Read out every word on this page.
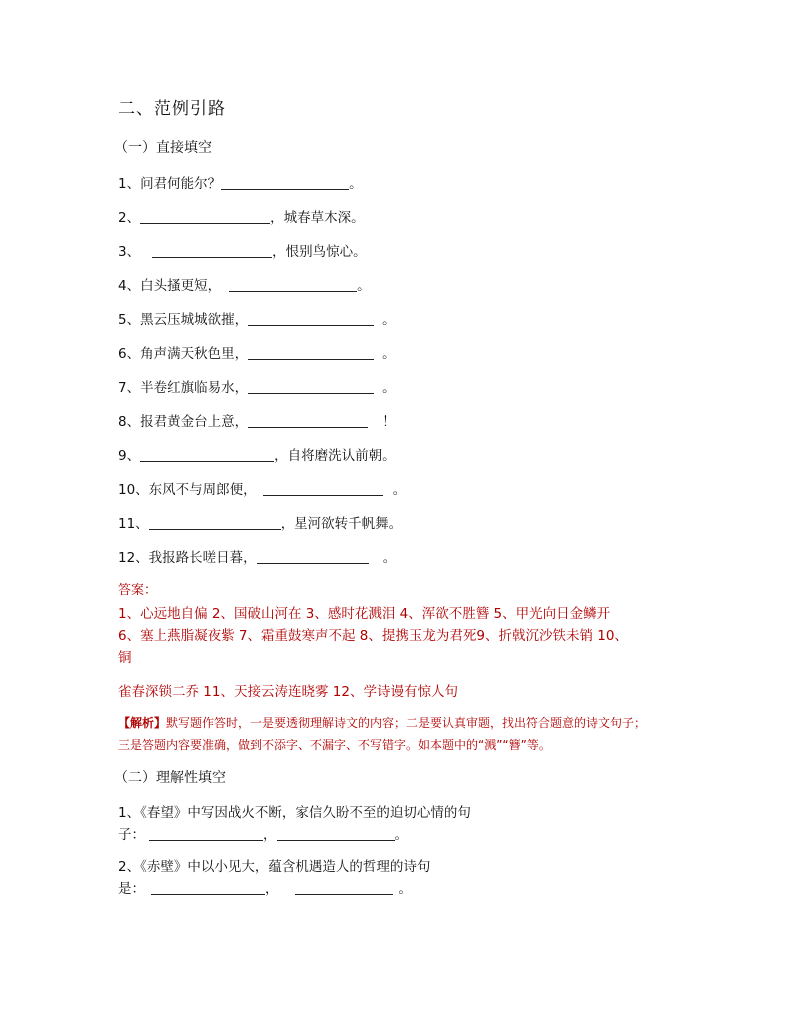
二、范例引路
（一）直接填空
1、问君何能尔？	。
2、	，城春草木深。
3、	，恨别鸟惊心。
4、白头搔更短，	。
5、黑云压城城欲摧，	。
6、角声满天秋色里，	。
7、半卷红旗临易水，	。
8、报君黄金台上意，	！
9、	，自将磨洗认前朝。
10、东风不与周郎便，	。
11、	，星河欲转千帆舞。
12、我报路长嗟日暮，	。
答案：
1、心远地自偏 2、国破山河在 3、感时花溅泪 4、浑欲不胜簪 5、甲光向日金鳞开
6、塞上燕脂凝夜紫 7、霜重鼓寒声不起 8、提携玉龙为君死9、折戟沉沙铁未销 10、
铜
雀春深锁二乔 11、天接云涛连晓雾 12、学诗谩有惊人句
【解析】默写题作答时，一是要透彻理解诗文的内容；二是要认真审题，找出符合题意的诗文句子；
三是答题内容要准确，做到不添字、不漏字、不写错字。如本题中的“溅”“簪”等。
（二）理解性填空
1、《春望》中写因战火不断，家信久盼不至的迫切心情的句
子：	，	。
2、《赤壁》中以小见大，蕴含机遇造人的哲理的诗句
是：	，	。
